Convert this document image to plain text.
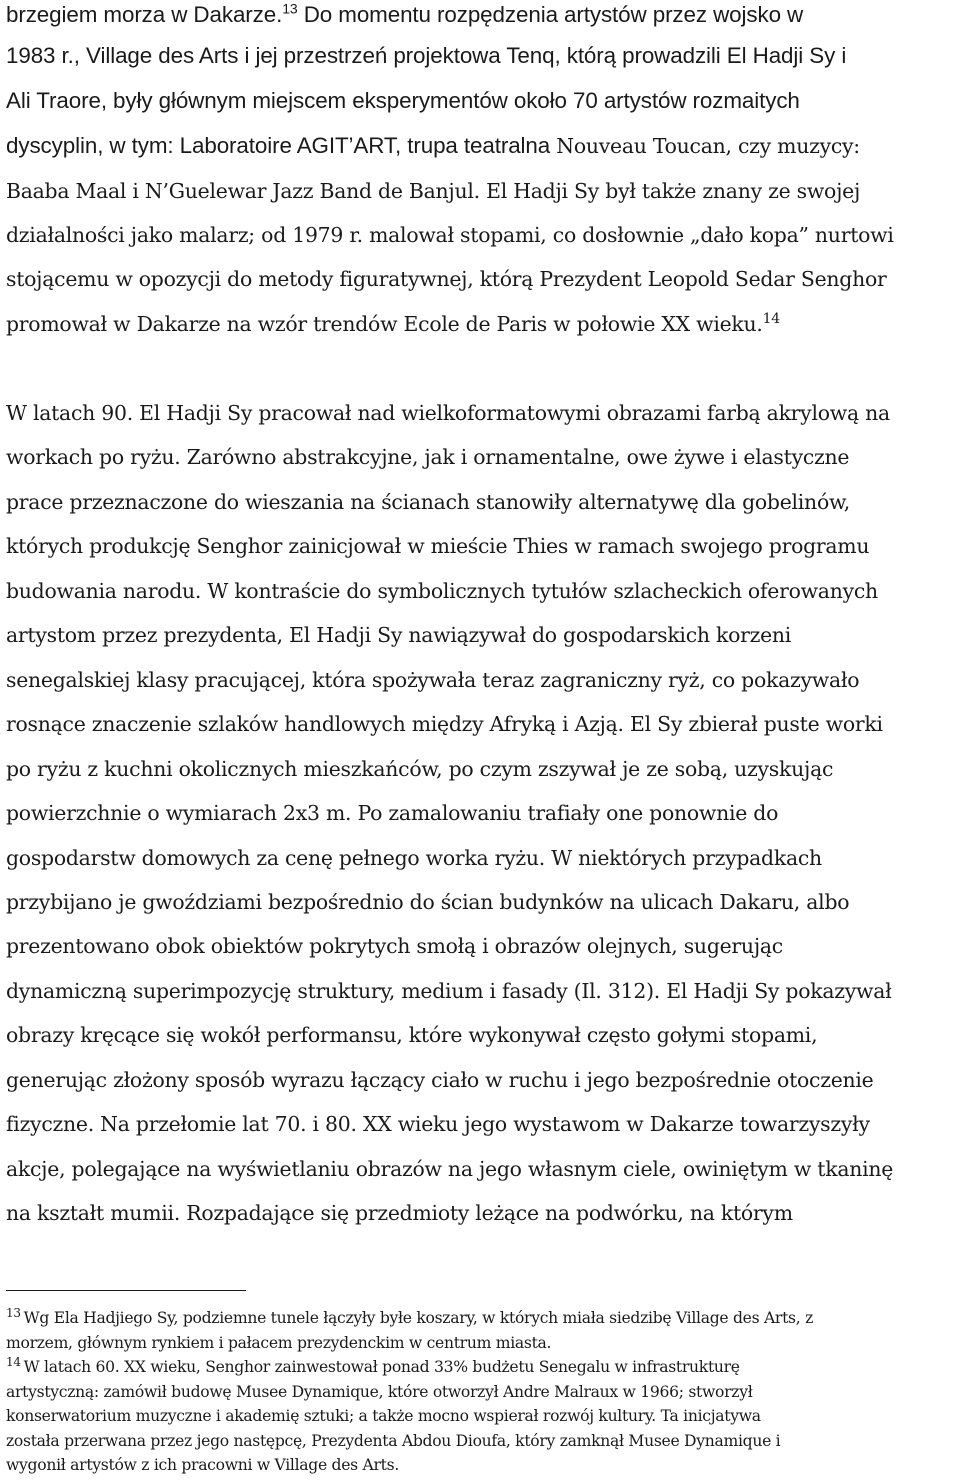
brzegiem morza w Dakarze.$^{13}$ Do momentu rozpędzenia artystów przez wojsko w
1983 r., Village des Arts i jej przestrzeń projektowa Tenq, którą prowadzili El Hadji Sy i
Ali Traore, były głównym miejscem eksperymentów około 70 artystów rozmaitych
dyscyplin, w tym: Laboratoire AGIT’ART, trupa teatralna Nouveau Toucan, czy muzycy:
Baaba Maal i N’Guelewar Jazz Band de Banjul. El Hadji Sy był także znany ze swojej
działalności jako malarz; od 1979 r. malował stopami, co dosłownie „dało kopa” nurtowi
stojącemu w opozycji do metody figuratywnej, którą Prezydent Leopold Sedar Senghor
promował w Dakarze na wzór trendów Ecole de Paris w połowie XX wieku.$^{14}$
W latach 90. El Hadji Sy pracował nad wielkoformatowymi obrazami farbą akrylową na
workach po ryżu. Zarówno abstrakcyjne, jak i ornamentalne, owe żywe i elastyczne
prace przeznaczone do wieszania na ścianach stanowiły alternatywę dla gobelinów,
których produkcję Senghor zainicjował w mieście Thies w ramach swojego programu
budowania narodu. W kontraście do symbolicznych tytułów szlacheckich oferowanych
artystom przez prezydenta, El Hadji Sy nawiązywał do gospodarskich korzeni
senegalskiej klasy pracującej, która spożywała teraz zagraniczny ryż, co pokazywało
rosnące znaczenie szlaków handlowych między Afryką i Azją. El Sy zbierał puste worki
po ryżu z kuchni okolicznych mieszkańców, po czym zszywał je ze sobą, uzyskując
powierzchnie o wymiarach 2x3 m. Po zamalowaniu trafiały one ponownie do
gospodarstw domowych za cenę pełnego worka ryżu. W niektórych przypadkach
przybijano je gwoździami bezpośrednio do ścian budynków na ulicach Dakaru, albo
prezentowano obok obiektów pokrytych smołą i obrazów olejnych, sugerując
dynamiczną superimpozycję struktury, medium i fasady (Il. 312). El Hadji Sy pokazywał
obrazy kręcące się wokół performansu, które wykonywał często gołymi stopami,
generując złożony sposób wyrazu łączący ciało w ruchu i jego bezpośrednie otoczenie
fizyczne. Na przełomie lat 70. i 80. XX wieku jego wystawom w Dakarze towarzyszyły
akcje, polegające na wyświetlaniu obrazów na jego własnym ciele, owiniętym w tkaninę
na kształt mumii. Rozpadające się przedmioty leżące na podwórku, na którym
$^{13}$ Wg Ela Hadjiego Sy, podziemne tunele łączyły byłe koszary, w których miała siedzibę Village des Arts, z
morzem, głównym rynkiem i pałacem prezydenckim w centrum miasta.
$^{14}$ W latach 60. XX wieku, Senghor zainwestował ponad 33% budżetu Senegalu w infrastrukturę
artystyczną: zamówił budowę Musee Dynamique, które otworzył Andre Malraux w 1966; stworzył
konserwatorium muzyczne i akademię sztuki; a także mocno wspierał rozwój kultury. Ta inicjatywa
została przerwana przez jego następcę, Prezydenta Abdou Dioufa, który zamknął Musee Dynamique i
wygonił artystów z ich pracowni w Village des Arts.
